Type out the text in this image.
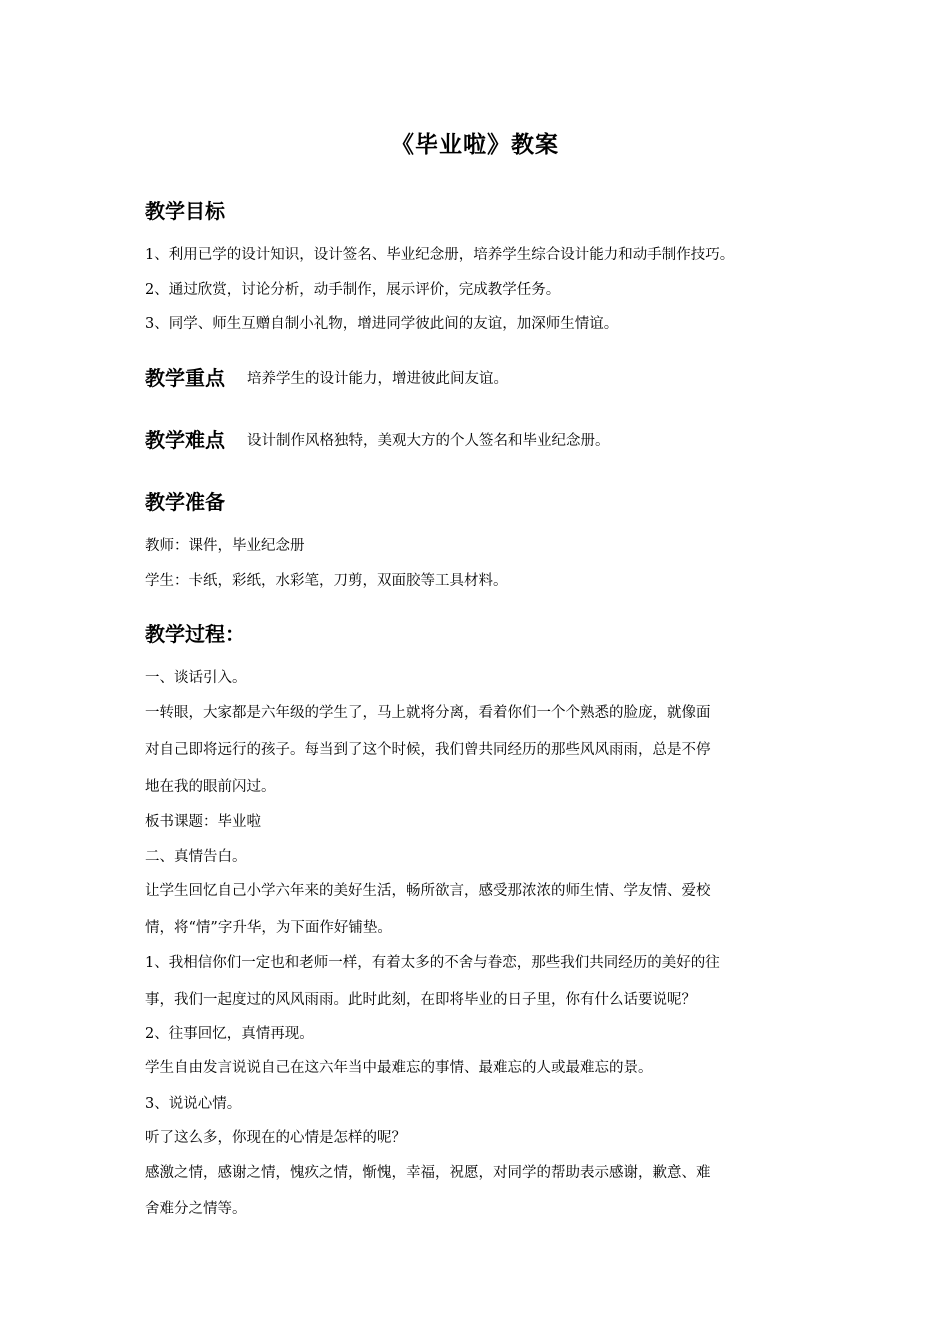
《毕业啦》教案
教学目标
1、利用已学的设计知识，设计签名、毕业纪念册，培养学生综合设计能力和动手制作技巧。
2、通过欣赏，讨论分析，动手制作，展示评价，完成教学任务。
3、同学、师生互赠自制小礼物，增进同学彼此间的友谊，加深师生情谊。
教学重点 培养学生的设计能力，增进彼此间友谊。
教学难点 设计制作风格独特，美观大方的个人签名和毕业纪念册。
教学准备
教师：课件，毕业纪念册
学生：卡纸，彩纸，水彩笔，刀剪，双面胶等工具材料。
教学过程：
一、谈话引入。
一转眼，大家都是六年级的学生了，马上就将分离，看着你们一个个熟悉的脸庞，就像面
对自己即将远行的孩子。每当到了这个时候，我们曾共同经历的那些风风雨雨，总是不停
地在我的眼前闪过。
板书课题：毕业啦
二、真情告白。
让学生回忆自己小学六年来的美好生活，畅所欲言，感受那浓浓的师生情、学友情、爱校
情，将“情”字升华，为下面作好铺垫。
1、我相信你们一定也和老师一样，有着太多的不舍与眷恋，那些我们共同经历的美好的往
事，我们一起度过的风风雨雨。此时此刻，在即将毕业的日子里，你有什么话要说呢？
2、往事回忆，真情再现。
学生自由发言说说自己在这六年当中最难忘的事情、最难忘的人或最难忘的景。
3、说说心情。
听了这么多，你现在的心情是怎样的呢？
感激之情，感谢之情，愧疚之情，惭愧，幸福，祝愿，对同学的帮助表示感谢，歉意、难
舍难分之情等。
